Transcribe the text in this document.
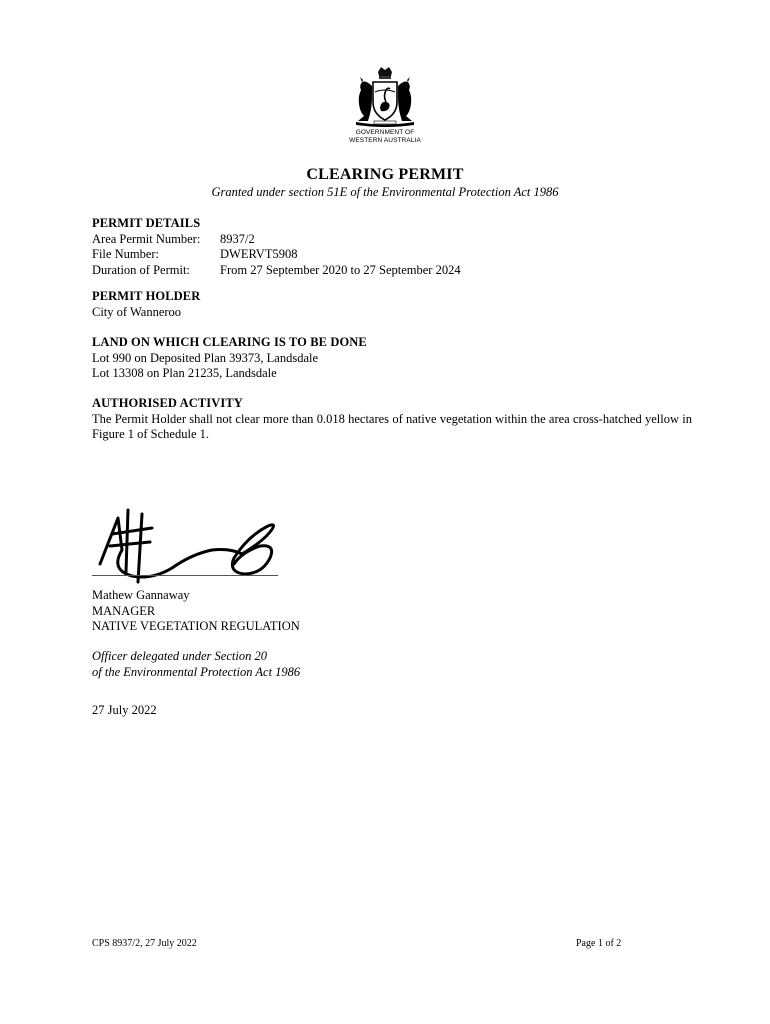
GOVERNMENT OF
WESTERN AUSTRALIA
CLEARING PERMIT
Granted under section 51E of the Environmental Protection Act 1986
PERMIT DETAILS
Area Permit Number:	8937/2
File Number:	DWERVT5908
Duration of Permit:	From 27 September 2020 to 27 September 2024
PERMIT HOLDER
City of Wanneroo
LAND ON WHICH CLEARING IS TO BE DONE
Lot 990 on Deposited Plan 39373, Landsdale
Lot 13308 on Plan 21235, Landsdale
AUTHORISED ACTIVITY
The Permit Holder shall not clear more than 0.018 hectares of native vegetation within the area cross-hatched yellow in Figure 1 of Schedule 1.
Mathew Gannaway
MANAGER
NATIVE VEGETATION REGULATION
Officer delegated under Section 20
of the Environmental Protection Act 1986
27 July 2022
CPS 8937/2, 27 July 2022	Page 1 of 2
